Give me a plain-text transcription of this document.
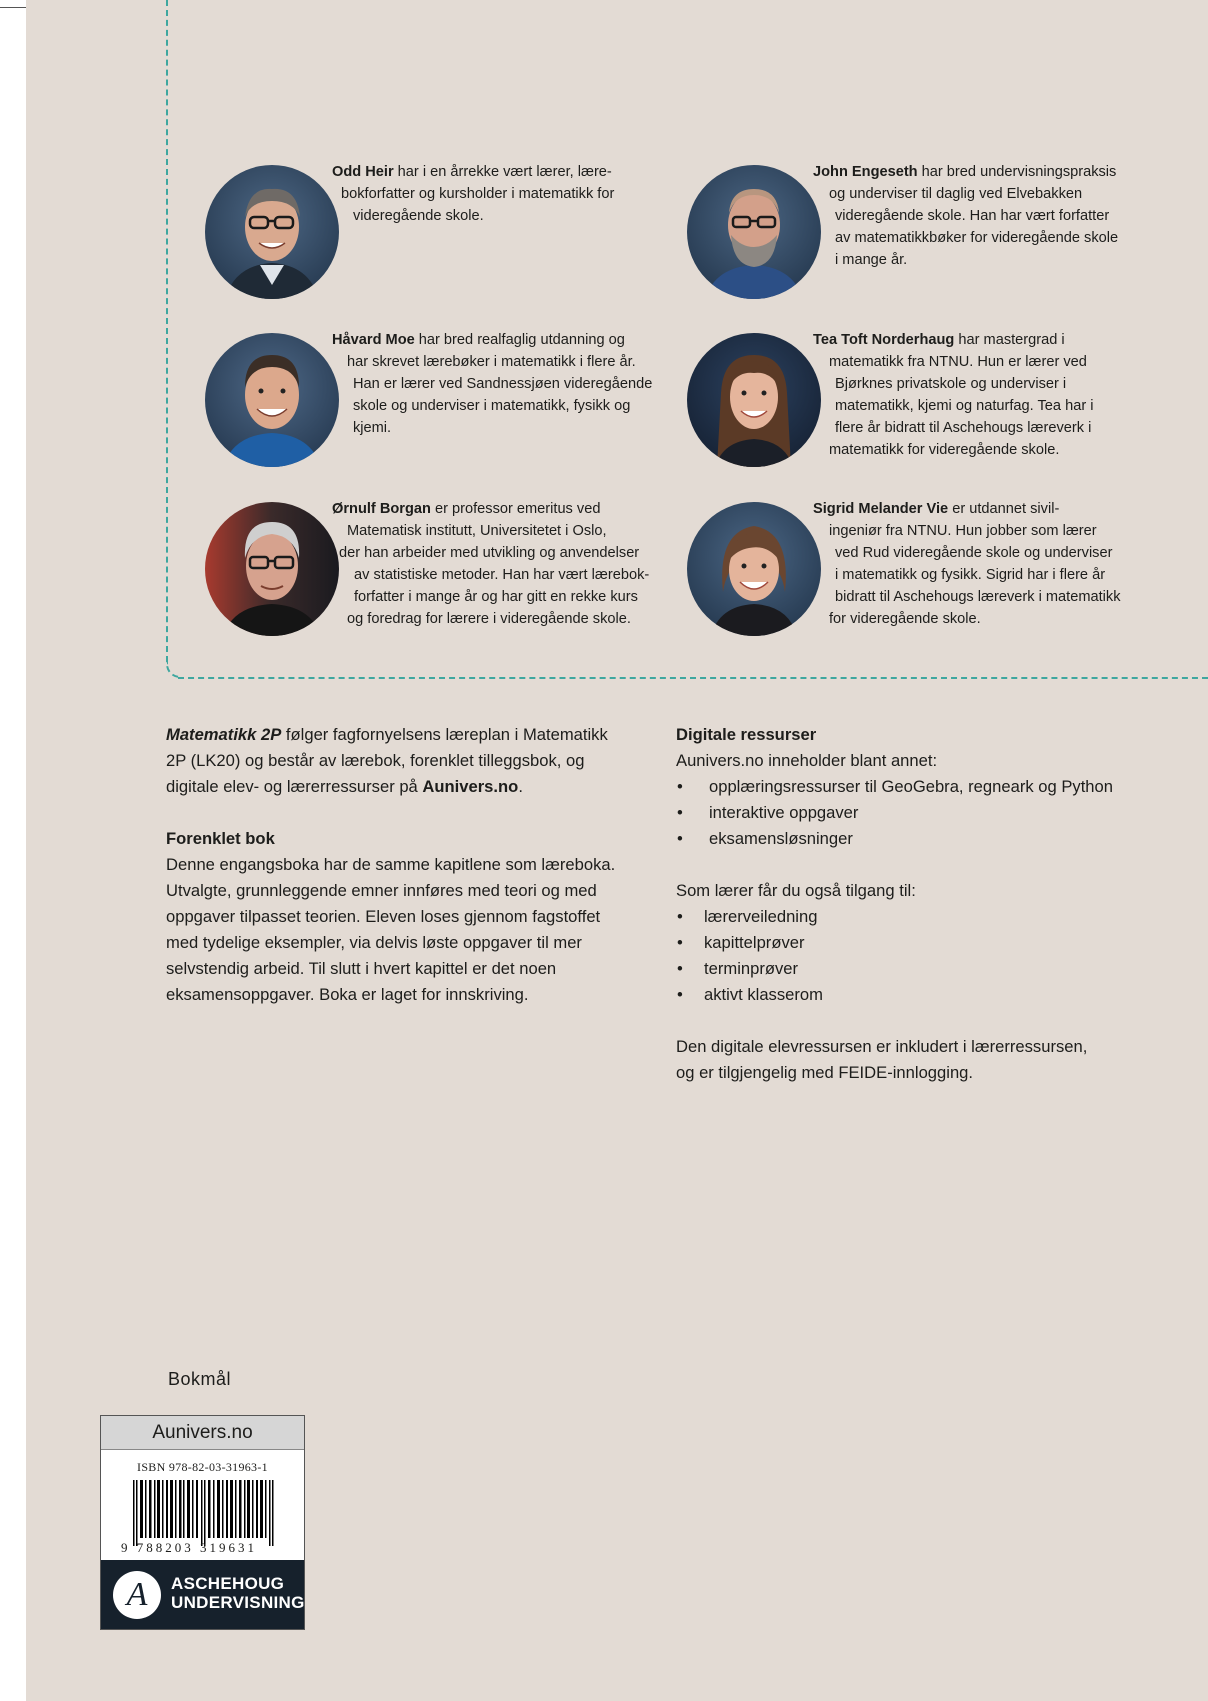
Odd Heir har i en årrekke vært lærer, lære-
bokforfatter og kursholder i matematikk for
videregående skole.
John Engeseth har bred undervisningspraksis
og underviser til daglig ved Elvebakken
videregående skole. Han har vært forfatter
av matematikkbøker for videregående skole
i mange år.
Håvard Moe har bred realfaglig utdanning og
har skrevet lærebøker i matematikk i flere år.
Han er lærer ved Sandnessjøen videregående
skole og underviser i matematikk, fysikk og
kjemi.
Tea Toft Norderhaug har mastergrad i
matematikk fra NTNU. Hun er lærer ved
Bjørknes privatskole og underviser i
matematikk, kjemi og naturfag. Tea har i
flere år bidratt til Aschehougs læreverk i
matematikk for videregående skole.
Ørnulf Borgan er professor emeritus ved
Matematisk institutt, Universitetet i Oslo,
der han arbeider med utvikling og anvendelser
av statistiske metoder. Han har vært lærebok-
forfatter i mange år og har gitt en rekke kurs
og foredrag for lærere i videregående skole.
Sigrid Melander Vie er utdannet sivil-
ingeniør fra NTNU. Hun jobber som lærer
ved Rud videregående skole og underviser
i matematikk og fysikk. Sigrid har i flere år
bidratt til Aschehougs læreverk i matematikk
for videregående skole.

Matematikk 2P følger fagfornyelsens læreplan i Matematikk
2P (LK20) og består av lærebok, forenklet tilleggsbok, og
digitale elev- og lærerressurser på Aunivers.no.

Forenklet bok

Denne engangsboka har de samme kapitlene som læreboka.
Utvalgte, grunnleggende emner innføres med teori og med
oppgaver tilpasset teorien. Eleven loses gjennom fagstoffet
med tydelige eksempler, via delvis løste oppgaver til mer
selvstendig arbeid. Til slutt i hvert kapittel er det noen
eksamensoppgaver. Boka er laget for innskriving.

Digitale ressurser

Aunivers.no inneholder blant annet:

• opplæringsressurser til GeoGebra, regneark og Python
• interaktive oppgaver
• eksamensløsninger

Som lærer får du også tilgang til:

• lærerveiledning
• kapittelprøver
• terminprøver
• aktivt klasserom

Den digitale elevressursen er inkludert i lærerressursen,
og er tilgjengelig med FEIDE-innlogging.

Bokmål
Aunivers.no
ISBN 978-82-03-31963-1
9 788203 319631
A	ASCHEHOUG
UNDERVISNING
